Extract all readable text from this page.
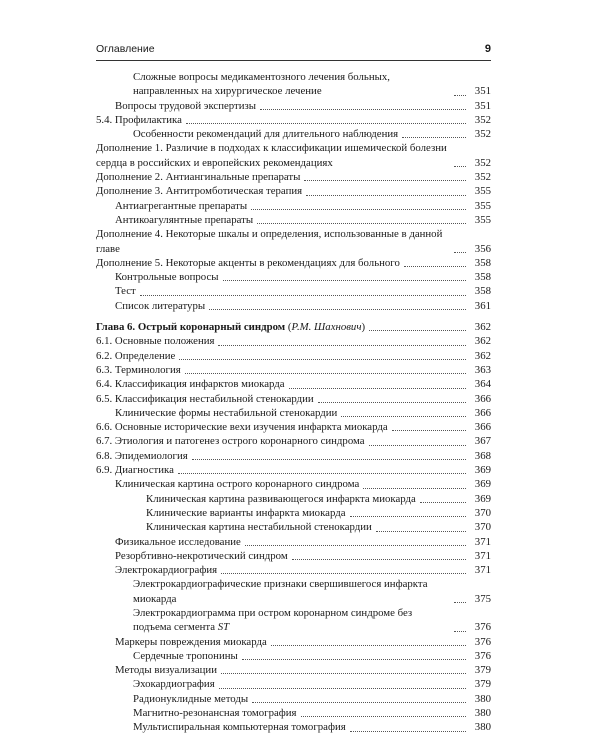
Оглавление	9
Сложные вопросы медикаментозного лечения больных, направленных на хирургическое лечение	351
Вопросы трудовой экспертизы	351
5.4. Профилактика	352
Особенности рекомендаций для длительного наблюдения	352
Дополнение 1. Различие в подходах к классификации ишемической болезни сердца в российских и европейских рекомендациях	352
Дополнение 2. Антиангинальные препараты	352
Дополнение 3. Антитромботическая терапия	355
Антиагрегантные препараты	355
Антикоагулянтные препараты	355
Дополнение 4. Некоторые шкалы и определения, использованные в данной главе	356
Дополнение 5. Некоторые акценты в рекомендациях для больного	358
Контрольные вопросы	358
Тест	358
Список литературы	361
Глава 6. Острый коронарный синдром (Р.М. Шахнович)	362
6.1. Основные положения	362
6.2. Определение	362
6.3. Терминология	363
6.4. Классификация инфарктов миокарда	364
6.5. Классификация нестабильной стенокардии	366
Клинические формы нестабильной стенокардии	366
6.6. Основные исторические вехи изучения инфаркта миокарда	366
6.7. Этиология и патогенез острого коронарного синдрома	367
6.8. Эпидемиология	368
6.9. Диагностика	369
Клиническая картина острого коронарного синдрома	369
Клиническая картина развивающегося инфаркта миокарда	369
Клинические варианты инфаркта миокарда	370
Клиническая картина нестабильной стенокардии	370
Физикальное исследование	371
Резорбтивно-некротический синдром	371
Электрокардиография	371
Электрокардиографические признаки свершившегося инфаркта миокарда	375
Электрокардиограмма при остром коронарном синдроме без подъема сегмента ST	376
Маркеры повреждения миокарда	376
Сердечные тропонины	376
Методы визуализации	379
Эхокардиография	379
Радионуклидные методы	380
Магнитно-резонансная томография	380
Мультиспиральная компьютерная томография	380
